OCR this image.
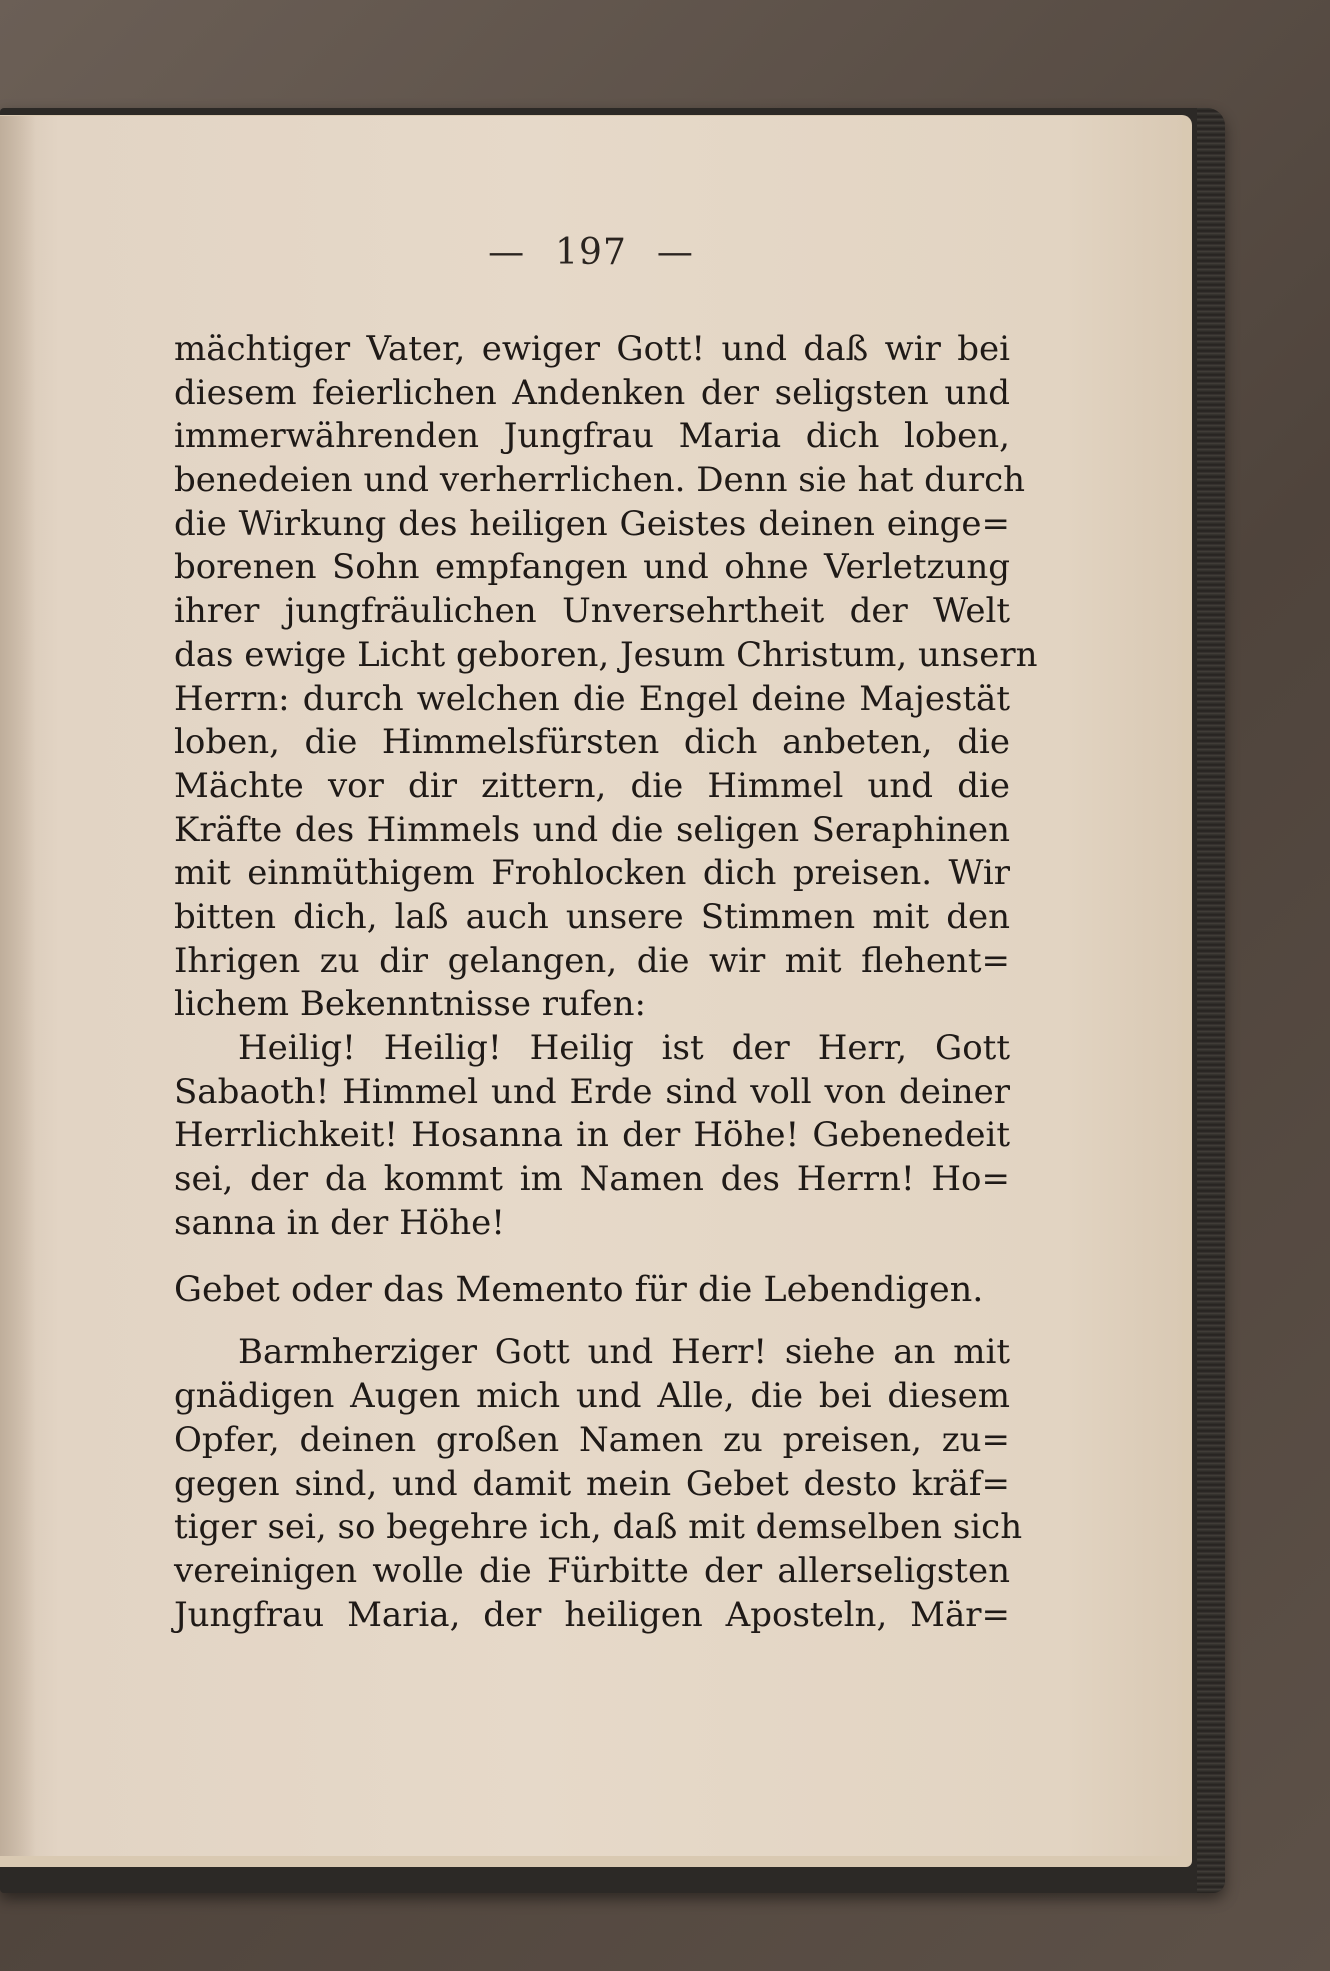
— 197 —
mächtiger Vater, ewiger Gott! und daß wir bei
diesem feierlichen Andenken der seligsten und
immerwährenden Jungfrau Maria dich loben,
benedeien und verherrlichen. Denn sie hat durch
die Wirkung des heiligen Geistes deinen einge=
borenen Sohn empfangen und ohne Verletzung
ihrer jungfräulichen Unversehrtheit der Welt
das ewige Licht geboren, Jesum Christum, unsern
Herrn: durch welchen die Engel deine Majestät
loben, die Himmelsfürsten dich anbeten, die
Mächte vor dir zittern, die Himmel und die
Kräfte des Himmels und die seligen Seraphinen
mit einmüthigem Frohlocken dich preisen. Wir
bitten dich, laß auch unsere Stimmen mit den
Ihrigen zu dir gelangen, die wir mit flehent=
lichem Bekenntnisse rufen:
Heilig! Heilig! Heilig ist der Herr, Gott
Sabaoth! Himmel und Erde sind voll von deiner
Herrlichkeit! Hosanna in der Höhe! Gebenedeit
sei, der da kommt im Namen des Herrn! Ho=
sanna in der Höhe!
Gebet oder das Memento für die Lebendigen.
Barmherziger Gott und Herr! siehe an mit
gnädigen Augen mich und Alle, die bei diesem
Opfer, deinen großen Namen zu preisen, zu=
gegen sind, und damit mein Gebet desto kräf=
tiger sei, so begehre ich, daß mit demselben sich
vereinigen wolle die Fürbitte der allerseligsten
Jungfrau Maria, der heiligen Aposteln, Mär=
